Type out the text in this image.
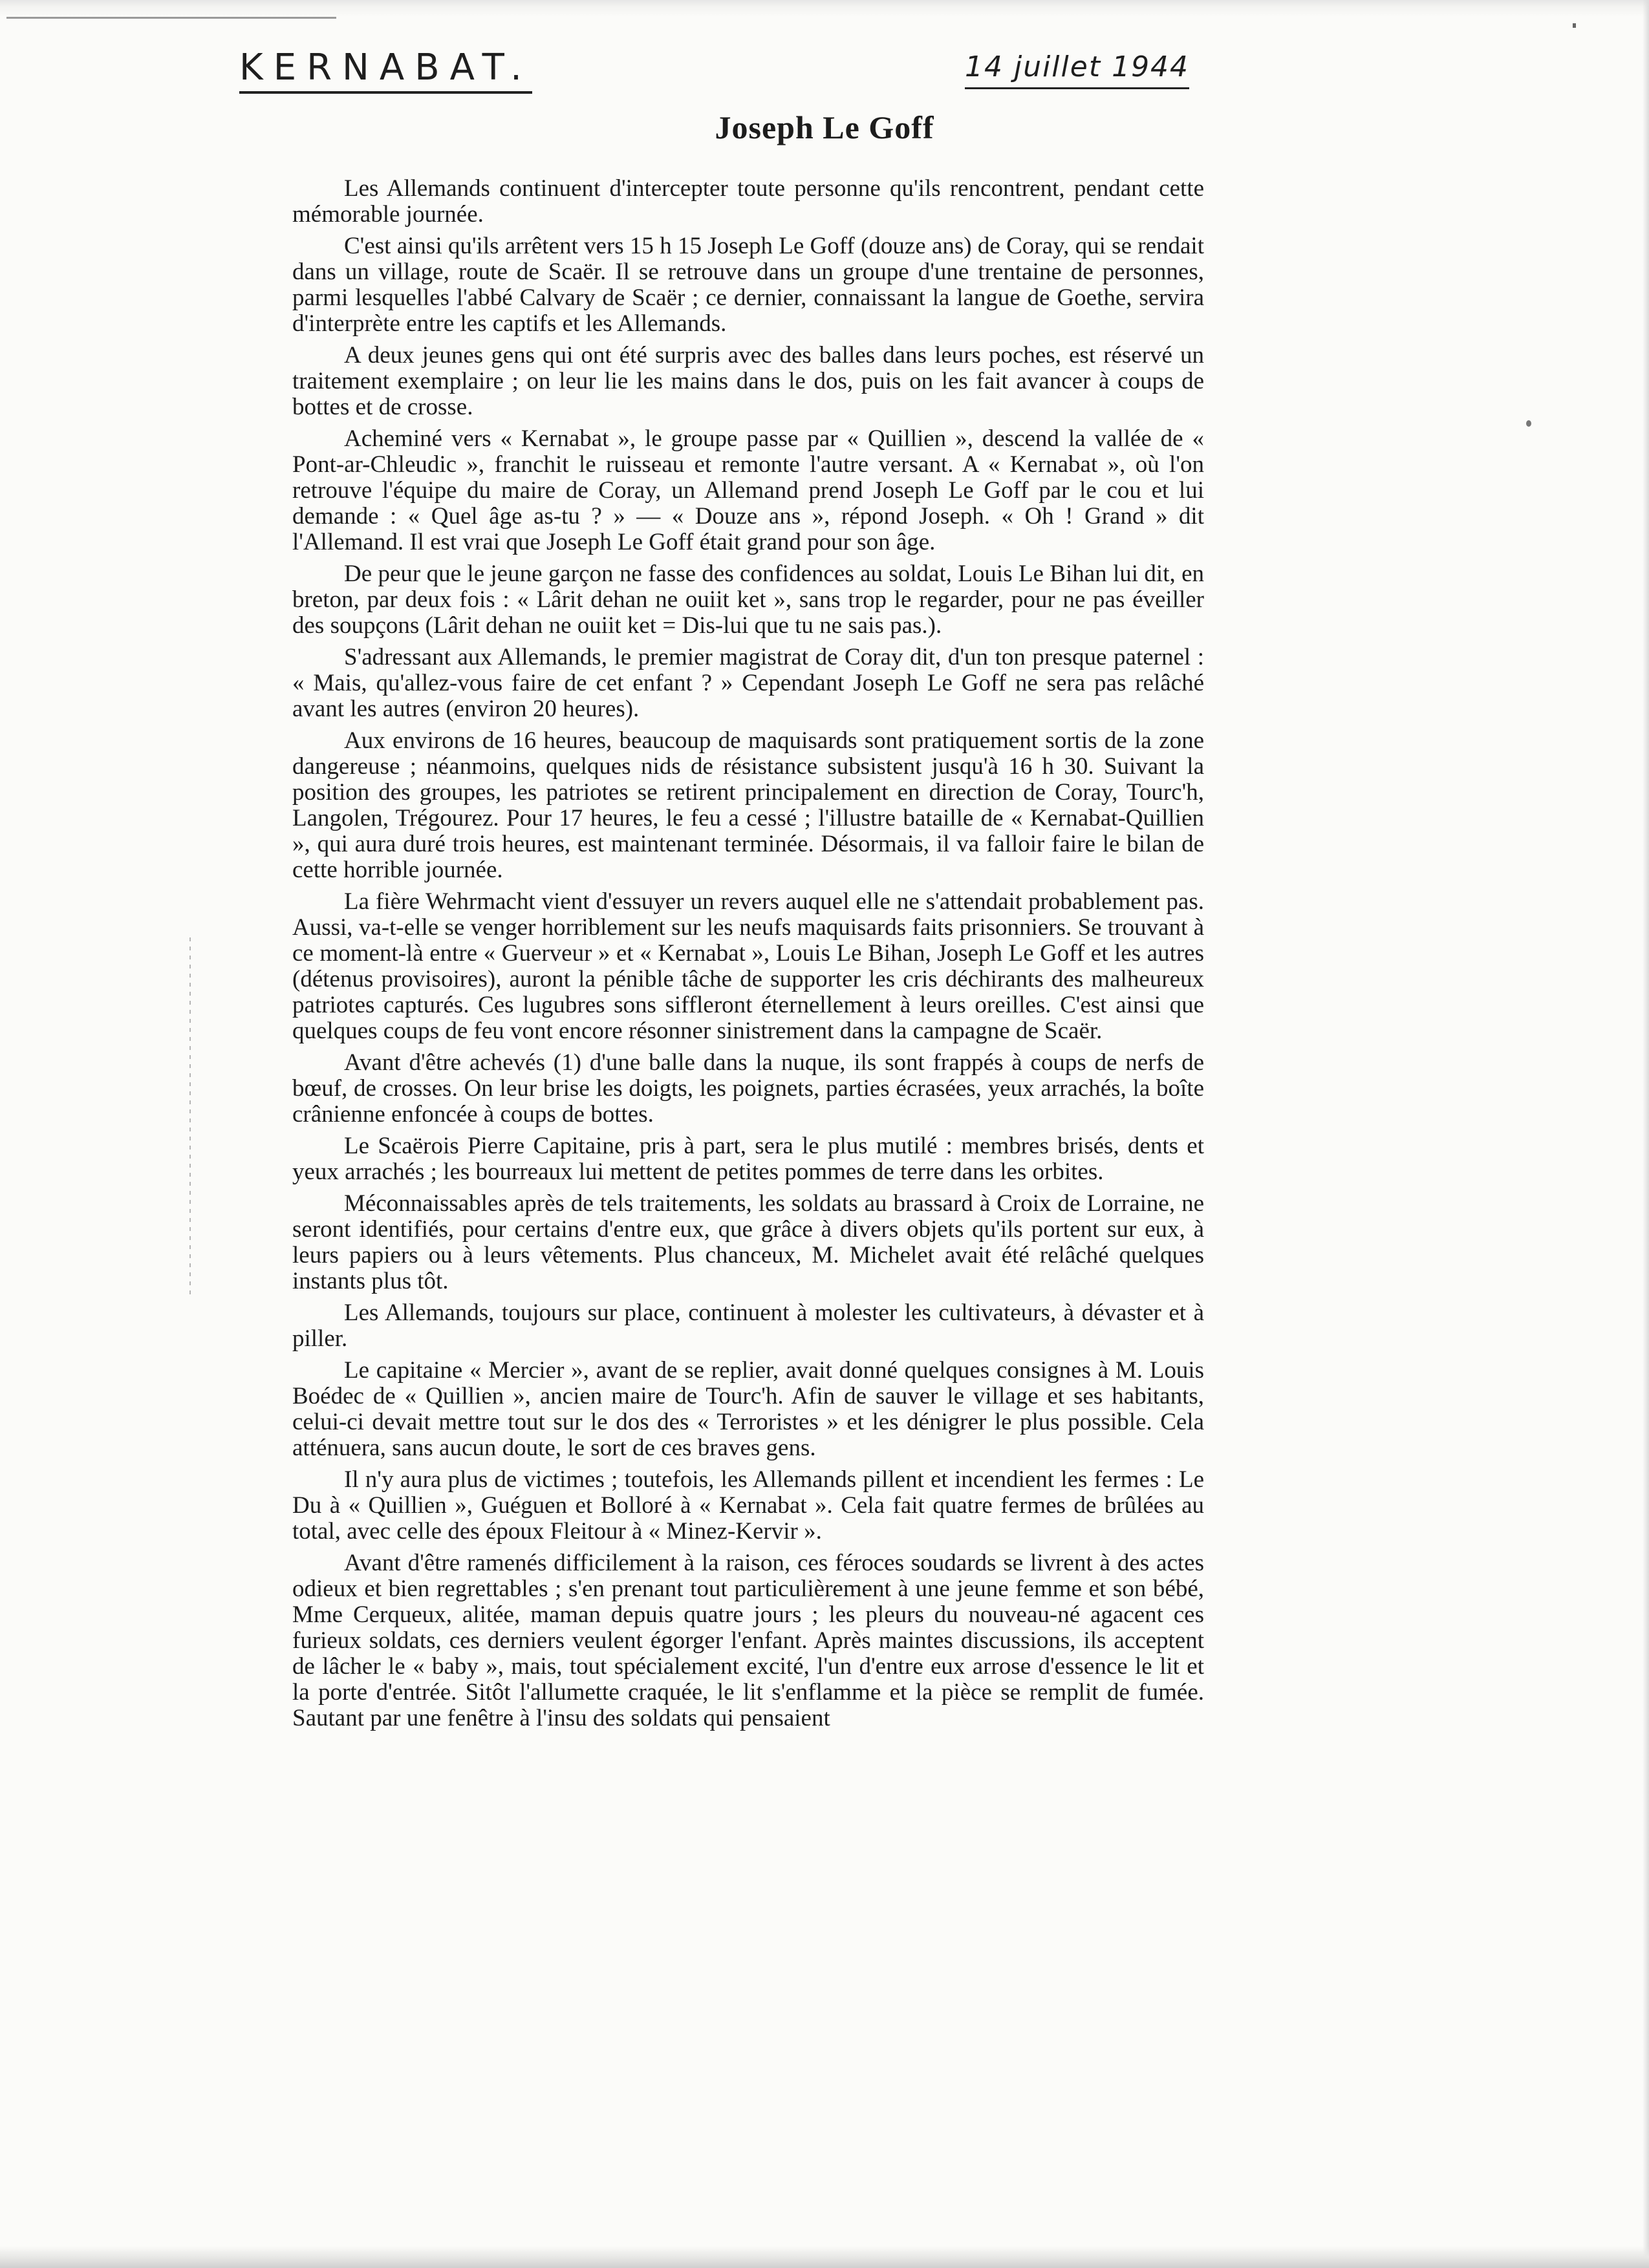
KERNABAT.	14 juillet 1944
Joseph Le Goff

Les Allemands continuent d'intercepter toute personne qu'ils rencontrent, pendant cette mémorable journée.

C'est ainsi qu'ils arrêtent vers 15 h 15 Joseph Le Goff (douze ans) de Coray, qui se rendait dans un village, route de Scaër. Il se retrouve dans un groupe d'une trentaine de personnes, parmi lesquelles l'abbé Calvary de Scaër ; ce dernier, connaissant la langue de Goethe, servira d'interprète entre les captifs et les Allemands.

A deux jeunes gens qui ont été surpris avec des balles dans leurs poches, est réservé un traitement exemplaire ; on leur lie les mains dans le dos, puis on les fait avancer à coups de bottes et de crosse.

Acheminé vers « Kernabat », le groupe passe par « Quillien », descend la vallée de « Pont-ar-Chleudic », franchit le ruisseau et remonte l'autre versant. A « Kernabat », où l'on retrouve l'équipe du maire de Coray, un Allemand prend Joseph Le Goff par le cou et lui demande : « Quel âge as-tu ? » — « Douze ans », répond Joseph. « Oh ! Grand » dit l'Allemand. Il est vrai que Joseph Le Goff était grand pour son âge.

De peur que le jeune garçon ne fasse des confidences au soldat, Louis Le Bihan lui dit, en breton, par deux fois : « Lârit dehan ne ouiit ket », sans trop le regarder, pour ne pas éveiller des soupçons (Lârit dehan ne ouiit ket = Dis-lui que tu ne sais pas.).

S'adressant aux Allemands, le premier magistrat de Coray dit, d'un ton presque paternel : « Mais, qu'allez-vous faire de cet enfant ? » Cependant Joseph Le Goff ne sera pas relâché avant les autres (environ 20 heures).

Aux environs de 16 heures, beaucoup de maquisards sont pratiquement sortis de la zone dangereuse ; néanmoins, quelques nids de résistance subsistent jusqu'à 16 h 30. Suivant la position des groupes, les patriotes se retirent principalement en direction de Coray, Tourc'h, Langolen, Trégourez. Pour 17 heures, le feu a cessé ; l'illustre bataille de « Kernabat-Quillien », qui aura duré trois heures, est maintenant terminée. Désormais, il va falloir faire le bilan de cette horrible journée.

La fière Wehrmacht vient d'essuyer un revers auquel elle ne s'attendait probablement pas. Aussi, va-t-elle se venger horriblement sur les neufs maquisards faits prisonniers. Se trouvant à ce moment-là entre « Guerveur » et « Kernabat », Louis Le Bihan, Joseph Le Goff et les autres (détenus provisoires), auront la pénible tâche de supporter les cris déchirants des malheureux patriotes capturés. Ces lugubres sons siffleront éternellement à leurs oreilles. C'est ainsi que quelques coups de feu vont encore résonner sinistrement dans la campagne de Scaër.

Avant d'être achevés (1) d'une balle dans la nuque, ils sont frappés à coups de nerfs de bœuf, de crosses. On leur brise les doigts, les poignets, parties écrasées, yeux arrachés, la boîte crânienne enfoncée à coups de bottes.

Le Scaërois Pierre Capitaine, pris à part, sera le plus mutilé : membres brisés, dents et yeux arrachés ; les bourreaux lui mettent de petites pommes de terre dans les orbites.

Méconnaissables après de tels traitements, les soldats au brassard à Croix de Lorraine, ne seront identifiés, pour certains d'entre eux, que grâce à divers objets qu'ils portent sur eux, à leurs papiers ou à leurs vêtements. Plus chanceux, M. Michelet avait été relâché quelques instants plus tôt.

Les Allemands, toujours sur place, continuent à molester les cultivateurs, à dévaster et à piller.

Le capitaine « Mercier », avant de se replier, avait donné quelques consignes à M. Louis Boédec de « Quillien », ancien maire de Tourc'h. Afin de sauver le village et ses habitants, celui-ci devait mettre tout sur le dos des « Terroristes » et les dénigrer le plus possible. Cela atténuera, sans aucun doute, le sort de ces braves gens.

Il n'y aura plus de victimes ; toutefois, les Allemands pillent et incendient les fermes : Le Du à « Quillien », Guéguen et Bolloré à « Kernabat ». Cela fait quatre fermes de brûlées au total, avec celle des époux Fleitour à « Minez-Kervir ».

Avant d'être ramenés difficilement à la raison, ces féroces soudards se livrent à des actes odieux et bien regrettables ; s'en prenant tout particulièrement à une jeune femme et son bébé, Mme Cerqueux, alitée, maman depuis quatre jours ; les pleurs du nouveau-né agacent ces furieux soldats, ces derniers veulent égorger l'enfant. Après maintes discussions, ils acceptent de lâcher le « baby », mais, tout spécialement excité, l'un d'entre eux arrose d'essence le lit et la porte d'entrée. Sitôt l'allumette craquée, le lit s'enflamme et la pièce se remplit de fumée. Sautant par une fenêtre à l'insu des soldats qui pensaient
